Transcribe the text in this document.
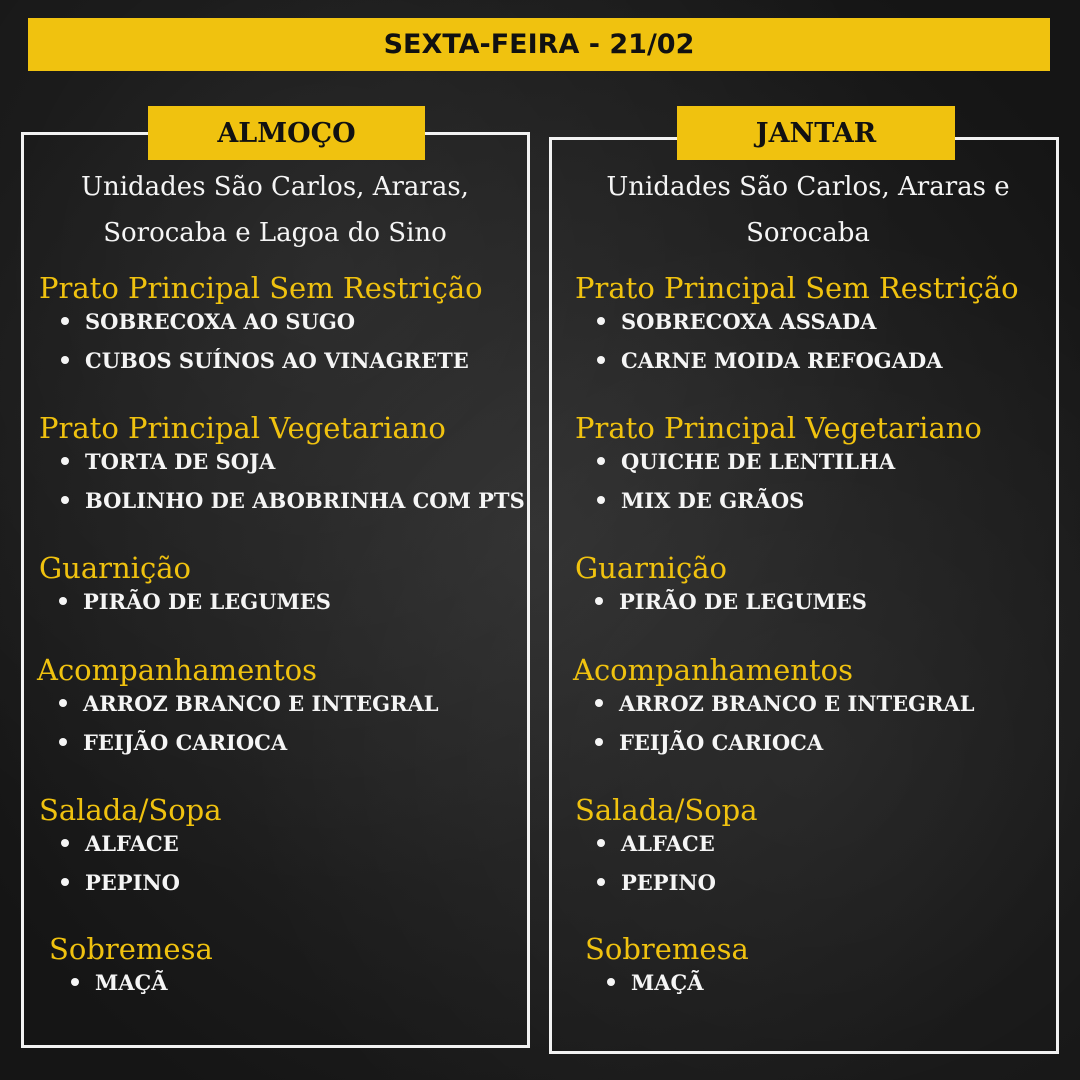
SEXTA-FEIRA - 21/02
ALMOÇO	JANTAR
Unidades São Carlos, Araras,
Sorocaba e Lagoa do Sino
Unidades São Carlos, Araras e
Sorocaba
Prato Principal Sem Restrição
SOBRECOXA AO SUGO
CUBOS SUÍNOS AO VINAGRETE
Prato Principal Vegetariano
TORTA DE SOJA
BOLINHO DE ABOBRINHA COM PTS
Guarnição
PIRÃO DE LEGUMES
Acompanhamentos
ARROZ BRANCO E INTEGRAL
FEIJÃO CARIOCA
Salada/Sopa
ALFACE
PEPINO
Sobremesa
MAÇÃ
Prato Principal Sem Restrição
SOBRECOXA ASSADA
CARNE MOIDA REFOGADA
Prato Principal Vegetariano
QUICHE DE LENTILHA
MIX DE GRÃOS
Guarnição
PIRÃO DE LEGUMES
Acompanhamentos
ARROZ BRANCO E INTEGRAL
FEIJÃO CARIOCA
Salada/Sopa
ALFACE
PEPINO
Sobremesa
MAÇÃ
